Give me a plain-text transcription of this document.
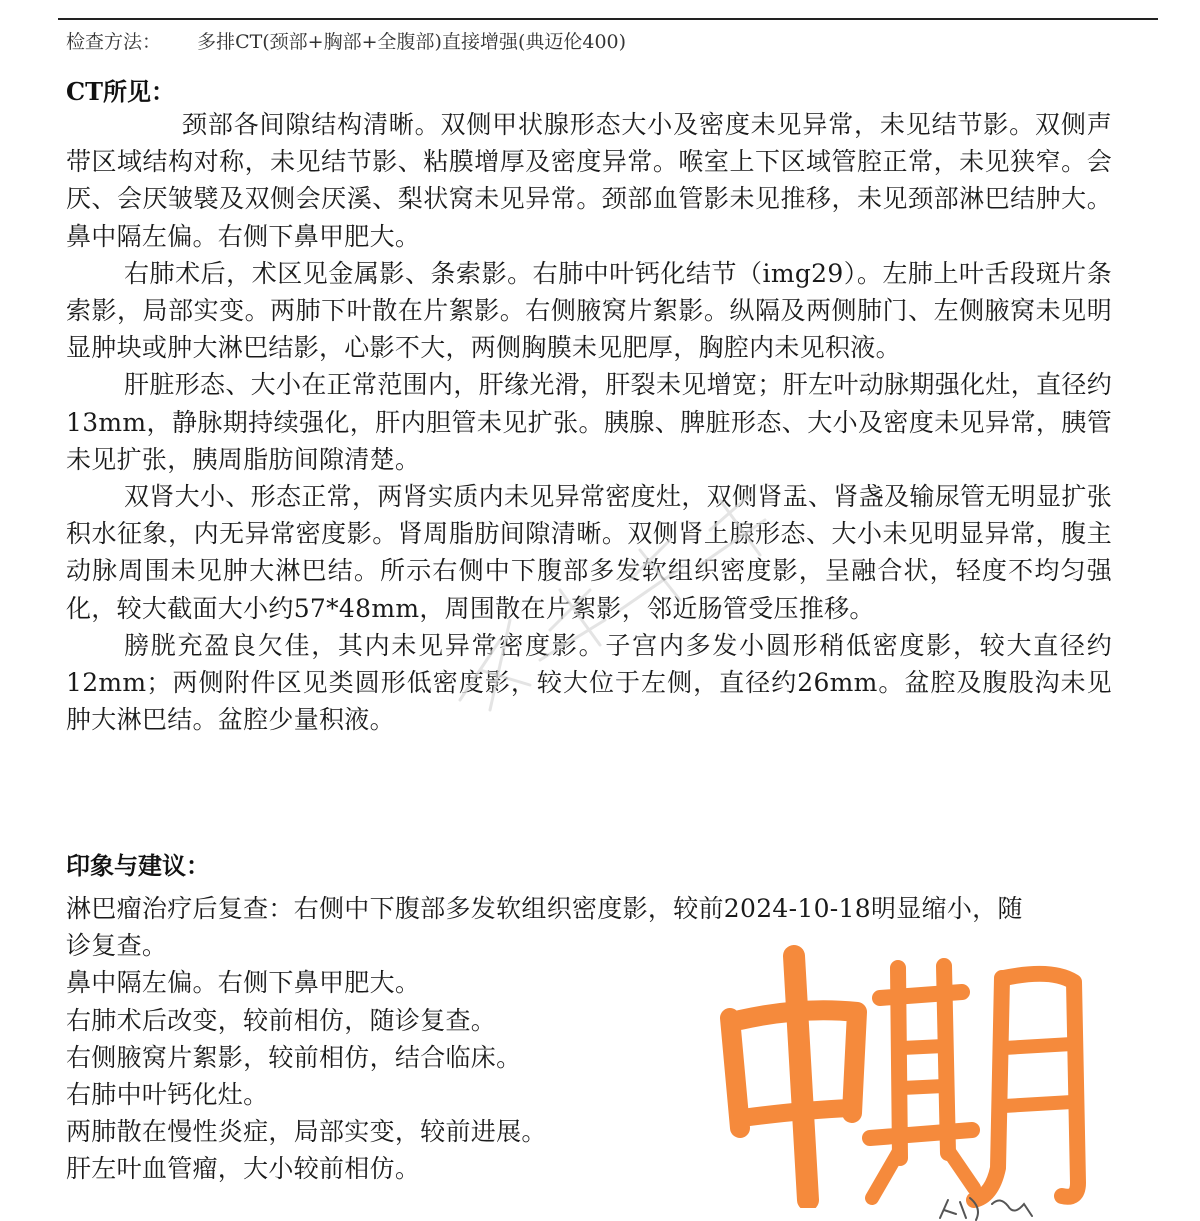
检查方法： 多排CT(颈部+胸部+全腹部)直接增强(典迈伦400)
CT所见：

颈部各间隙结构清晰。双侧甲状腺形态大小及密度未见异常，未见结节影。双侧声带区域结构对称，未见结节影、粘膜增厚及密度异常。喉室上下区域管腔正常，未见狭窄。会厌、会厌皱襞及双侧会厌溪、梨状窝未见异常。颈部血管影未见推移，未见颈部淋巴结肿大。鼻中隔左偏。右侧下鼻甲肥大。

右肺术后，术区见金属影、条索影。右肺中叶钙化结节（img29）。左肺上叶舌段斑片条索影，局部实变。两肺下叶散在片絮影。右侧腋窝片絮影。纵隔及两侧肺门、左侧腋窝未见明显肿块或肿大淋巴结影，心影不大，两侧胸膜未见肥厚，胸腔内未见积液。

肝脏形态、大小在正常范围内，肝缘光滑，肝裂未见增宽；肝左叶动脉期强化灶，直径约13mm，静脉期持续强化，肝内胆管未见扩张。胰腺、脾脏形态、大小及密度未见异常，胰管未见扩张，胰周脂肪间隙清楚。

双肾大小、形态正常，两肾实质内未见异常密度灶，双侧肾盂、肾盏及输尿管无明显扩张积水征象，内无异常密度影。肾周脂肪间隙清晰。双侧肾上腺形态、大小未见明显异常，腹主动脉周围未见肿大淋巴结。所示右侧中下腹部多发软组织密度影，呈融合状，轻度不均匀强化，较大截面大小约57*48mm，周围散在片絮影，邻近肠管受压推移。

膀胱充盈良欠佳，其内未见异常密度影。子宫内多发小圆形稍低密度影，较大直径约12mm；两侧附件区见类圆形低密度影，较大位于左侧，直径约26mm。盆腔及腹股沟未见肿大淋巴结。盆腔少量积液。

印象与建议：
淋巴瘤治疗后复查：右侧中下腹部多发软组织密度影，较前2024-10-18明显缩小，随诊复查。
鼻中隔左偏。右侧下鼻甲肥大。
右肺术后改变，较前相仿，随诊复查。
右侧腋窝片絮影，较前相仿，结合临床。
右肺中叶钙化灶。
两肺散在慢性炎症，局部实变，较前进展。
肝左叶血管瘤，大小较前相仿。
